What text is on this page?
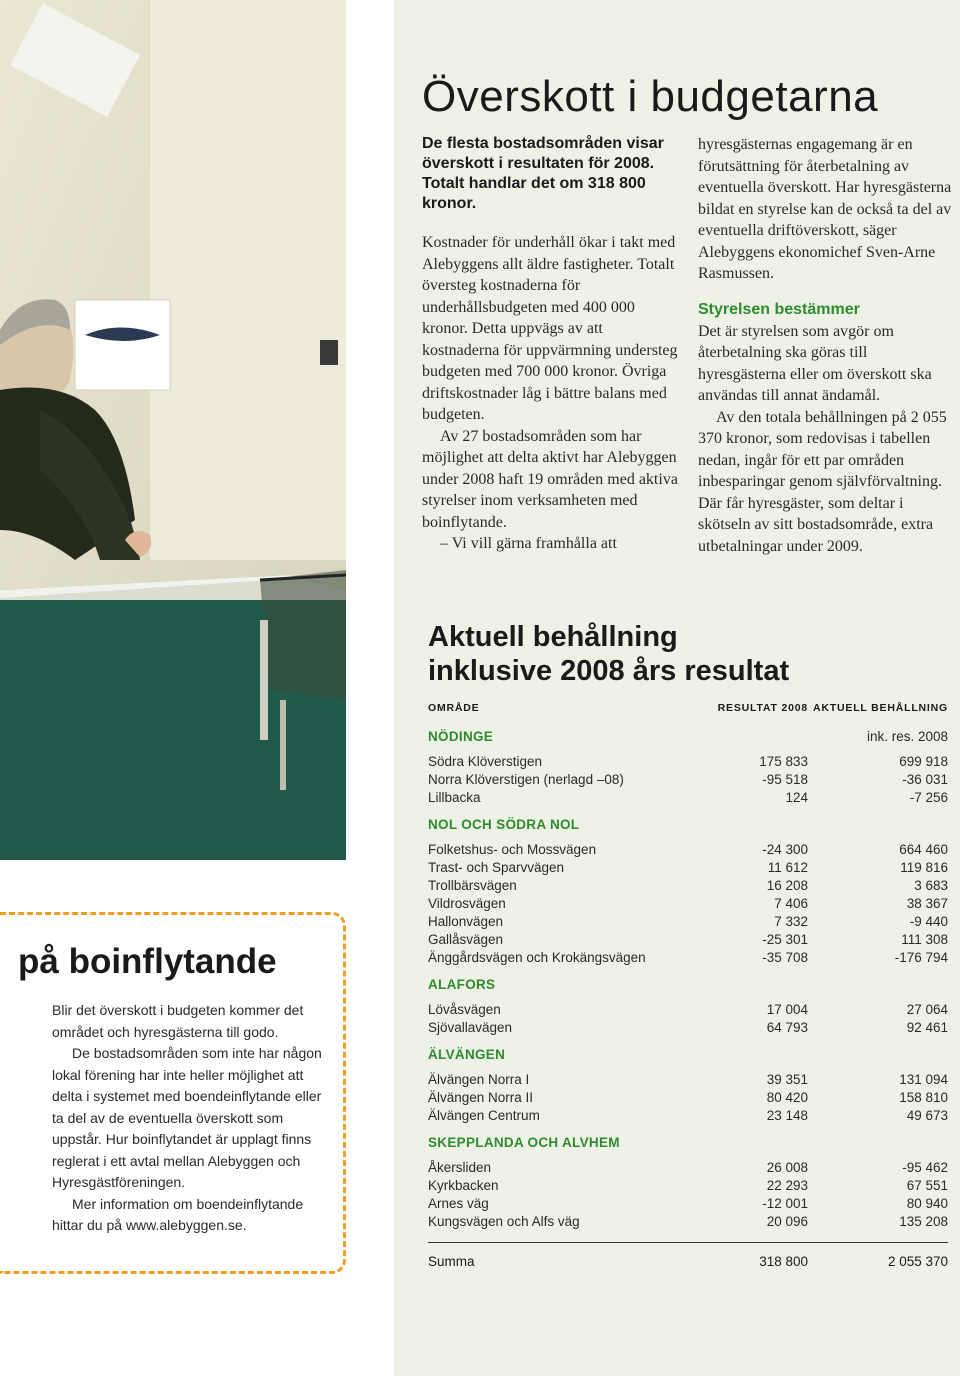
Överskott i budgetarna

De flesta bostadsområden visar överskott i resultaten för 2008. Totalt handlar det om 318 800 kronor.

Kostnader för underhåll ökar i takt med Alebyggens allt äldre fastigheter. Totalt översteg kostnaderna för underhållsbudgeten med 400 000 kronor. Detta uppvägs av att kostnaderna för uppvärmning understeg budgeten med 700 000 kronor. Övriga driftskostnader låg i bättre balans med budgeten.

Av 27 bostadsområden som har möjlighet att delta aktivt har Alebyggen under 2008 haft 19 områden med aktiva styrelser inom verksamheten med boinflytande.

– Vi vill gärna framhålla att

hyresgästernas engagemang är en förutsättning för återbetalning av eventuella överskott. Har hyresgästerna bildat en styrelse kan de också ta del av eventuella driftöverskott, säger Alebyggens ekonomichef Sven-Arne Rasmussen.

Styrelsen bestämmer

Det är styrelsen som avgör om återbetalning ska göras till hyresgästerna eller om överskott ska användas till annat ändamål.

Av den totala behållningen på 2 055 370 kronor, som redovisas i tabellen nedan, ingår för ett par områden inbesparingar genom självförvaltning. Där får hyresgäster, som deltar i skötseln av sitt bostadsområde, extra utbetalningar under 2009.

Aktuell behållning
inklusive 2008 års resultat
OMRÅDE	RESULTAT 2008 AKTUELL BEHÅLLNING
NÖDINGE	ink. res. 2008
Södra Klöverstigen	175 833	699 918
Norra Klöverstigen (nerlagd –08)	-95 518	-36 031
Lillbacka	124	-7 256
NOL OCH SÖDRA NOL
Folketshus- och Mossvägen	-24 300	664 460
Trast- och Sparvvägen	11 612	119 816
Trollbärsvägen	16 208	3 683
Vildrosvägen	7 406	38 367
Hallonvägen	7 332	-9 440
Gallåsvägen	-25 301	111 308
Änggårdsvägen och Krokängsvägen	-35 708	-176 794
ALAFORS
Lövåsvägen	17 004	27 064
Sjövallavägen	64 793	92 461
ÄLVÄNGEN
Älvängen Norra I	39 351	131 094
Älvängen Norra II	80 420	158 810
Älvängen Centrum	23 148	49 673
SKEPPLANDA OCH ALVHEM
Åkersliden	26 008	-95 462
Kyrkbacken	22 293	67 551
Arnes väg	-12 001	80 940
Kungsvägen och Alfs väg	20 096	135 208
Summa	318 800	2 055 370
på boinflytande

Blir det överskott i budgeten kommer det området och hyresgästerna till godo.

De bostadsområden som inte har någon lokal förening har inte heller möjlighet att delta i systemet med boendeinflytande eller ta del av de eventuella överskott som uppstår. Hur boinflytandet är upplagt finns reglerat i ett avtal mellan Alebyggen och Hyresgästföreningen.

Mer information om boendeinflytande hittar du på www.alebyggen.se.
